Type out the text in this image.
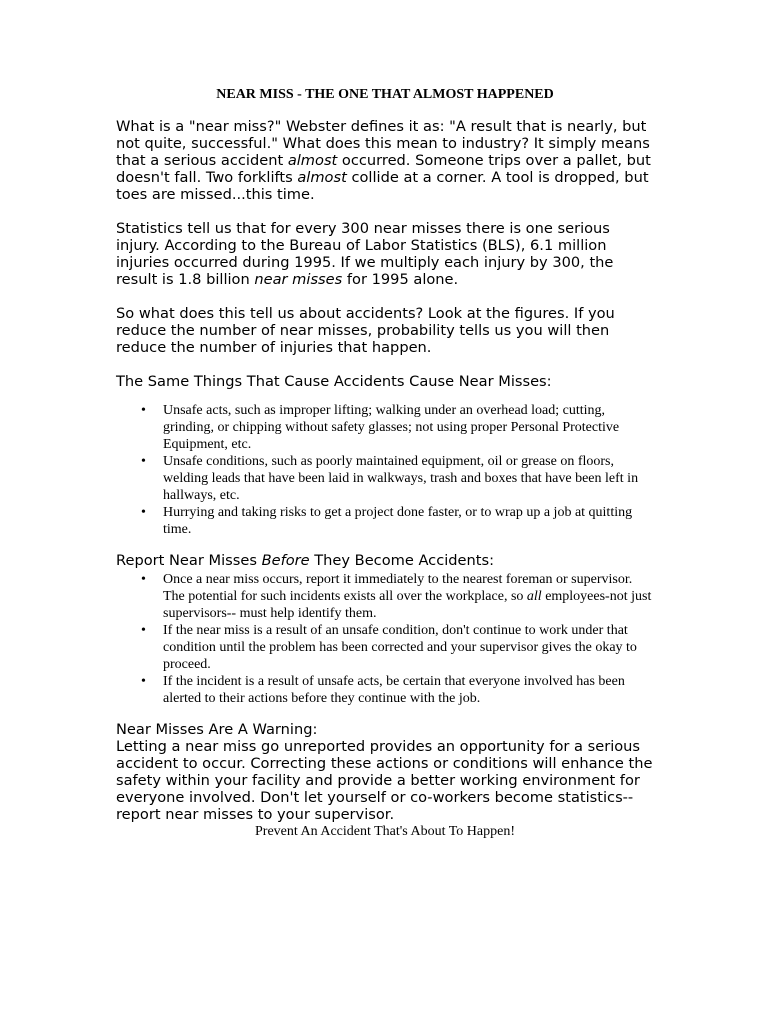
NEAR MISS - THE ONE THAT ALMOST HAPPENED

What is a "near miss?" Webster defines it as: "A result that is nearly, but not quite, successful." What does this mean to industry? It simply means that a serious accident almost occurred. Someone trips over a pallet, but doesn't fall. Two forklifts almost collide at a corner. A tool is dropped, but toes are missed...this time.

Statistics tell us that for every 300 near misses there is one serious injury. According to the Bureau of Labor Statistics (BLS), 6.1 million injuries occurred during 1995. If we multiply each injury by 300, the result is 1.8 billion near misses for 1995 alone.

So what does this tell us about accidents? Look at the figures. If you reduce the number of near misses, probability tells us you will then reduce the number of injuries that happen.

The Same Things That Cause Accidents Cause Near Misses:

• Unsafe acts, such as improper lifting; walking under an overhead load; cutting, grinding, or chipping without safety glasses; not using proper Personal Protective Equipment, etc.
• Unsafe conditions, such as poorly maintained equipment, oil or grease on floors, welding leads that have been laid in walkways, trash and boxes that have been left in hallways, etc.
• Hurrying and taking risks to get a project done faster, or to wrap up a job at quitting time.

Report Near Misses Before They Become Accidents:

• Once a near miss occurs, report it immediately to the nearest foreman or supervisor. The potential for such incidents exists all over the workplace, so all employees-not just supervisors-- must help identify them.
• If the near miss is a result of an unsafe condition, don't continue to work under that condition until the problem has been corrected and your supervisor gives the okay to proceed.
• If the incident is a result of unsafe acts, be certain that everyone involved has been alerted to their actions before they continue with the job.

Near Misses Are A Warning:

Letting a near miss go unreported provides an opportunity for a serious accident to occur. Correcting these actions or conditions will enhance the safety within your facility and provide a better working environment for everyone involved. Don't let yourself or co-workers become statistics--report near misses to your supervisor.

Prevent An Accident That's About To Happen!
